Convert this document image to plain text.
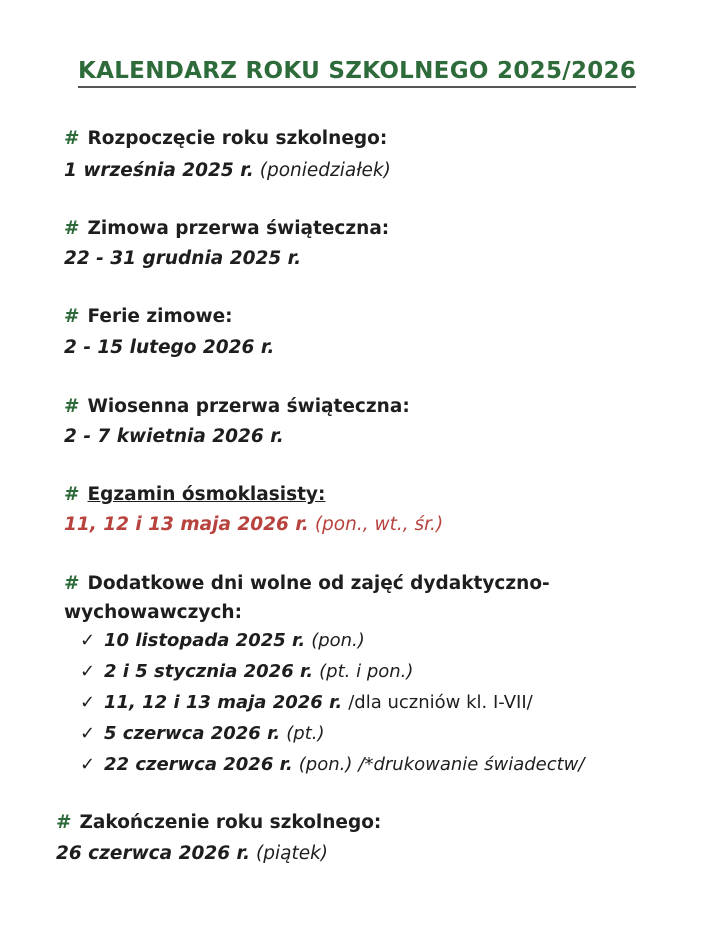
KALENDARZ ROKU SZKOLNEGO 2025/2026
# Rozpoczęcie roku szkolnego:
1 września 2025 r. (poniedziałek)
# Zimowa przerwa świąteczna:
22 - 31 grudnia 2025 r.
# Ferie zimowe:
2 - 15 lutego 2026 r.
# Wiosenna przerwa świąteczna:
2 - 7 kwietnia 2026 r.
# Egzamin ósmoklasisty:
11, 12 i 13 maja 2026 r. (pon., wt., śr.)
# Dodatkowe dni wolne od zajęć dydaktyczno-
wychowawczych:
✓ 10 listopada 2025 r. (pon.)
✓ 2 i 5 stycznia 2026 r. (pt. i pon.)
✓ 11, 12 i 13 maja 2026 r. /dla uczniów kl. I-VII/
✓ 5 czerwca 2026 r. (pt.)
✓ 22 czerwca 2026 r. (pon.) /*drukowanie świadectw/
# Zakończenie roku szkolnego:
26 czerwca 2026 r. (piątek)
